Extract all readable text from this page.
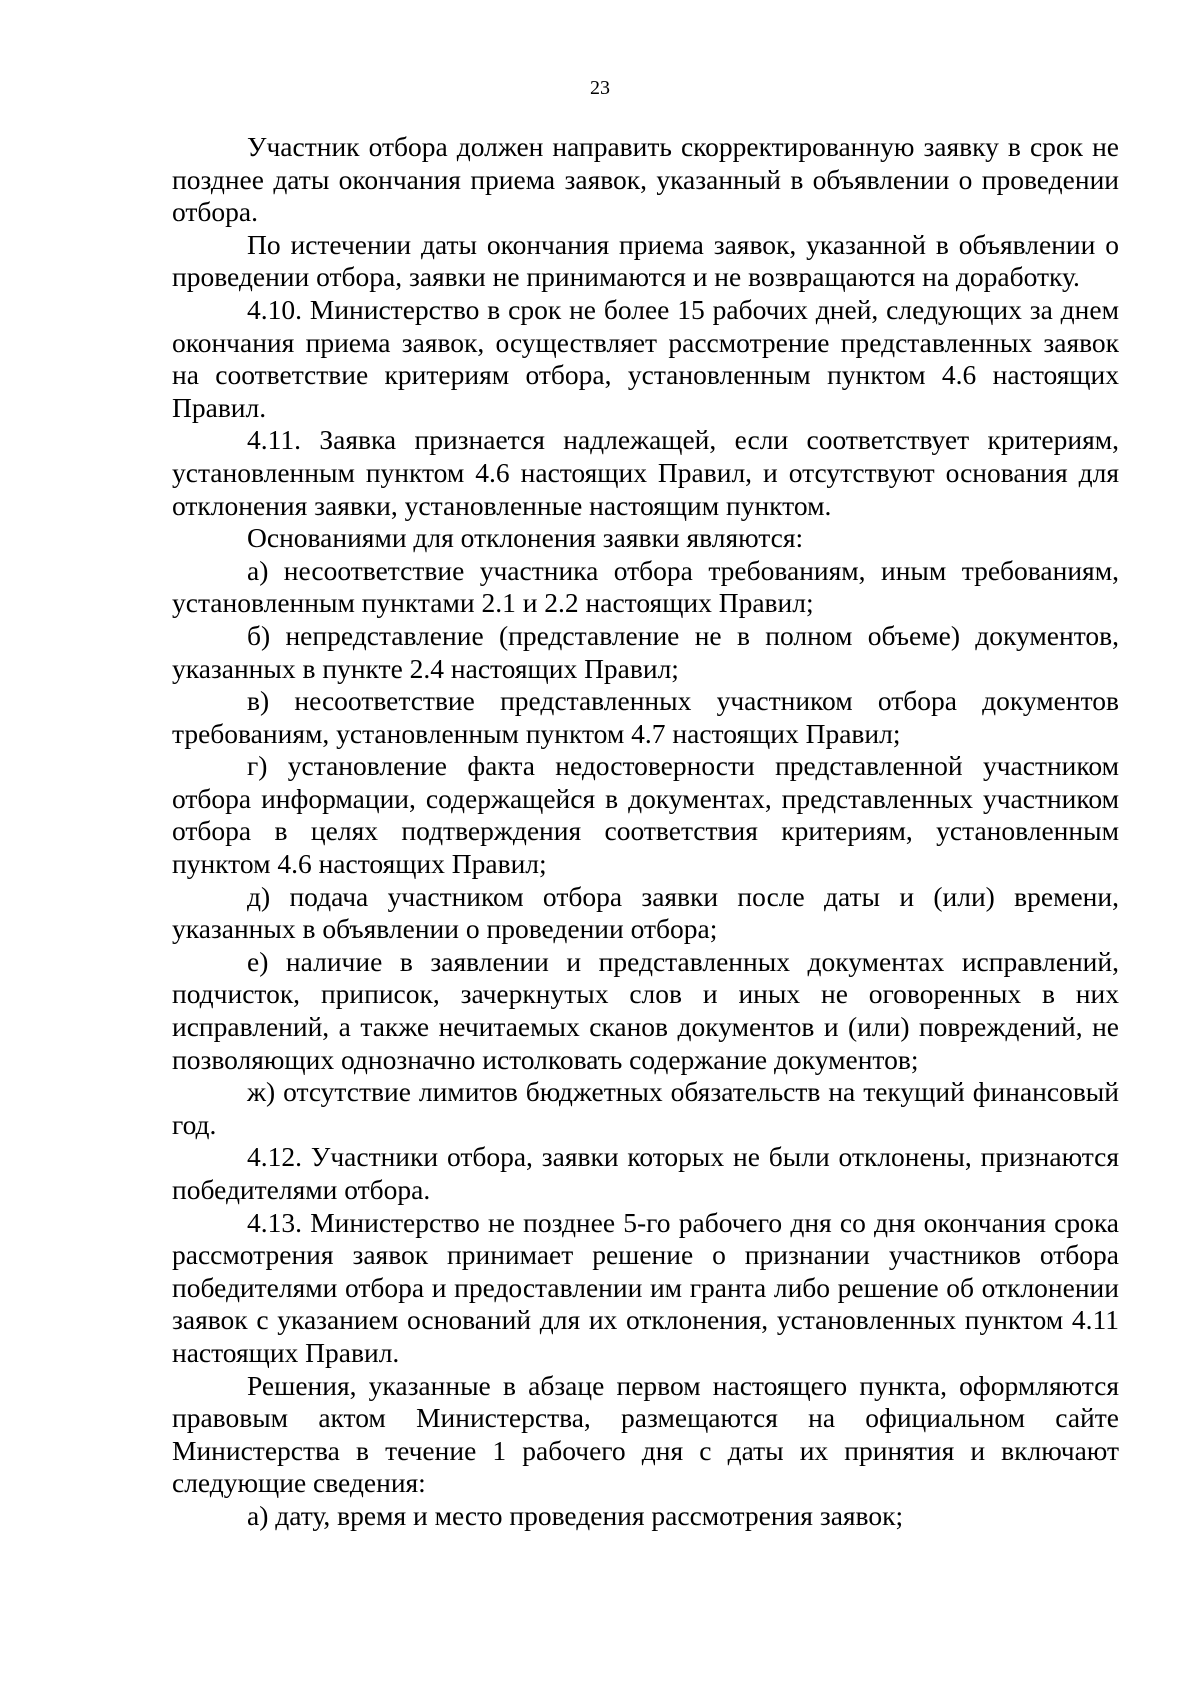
23

Участник отбора должен направить скорректированную заявку в срок не позднее даты окончания приема заявок, указанный в объявлении о проведении отбора.

По истечении даты окончания приема заявок, указанной в объявлении о проведении отбора, заявки не принимаются и не возвращаются на доработку.

4.10. Министерство в срок не более 15 рабочих дней, следующих за днем окончания приема заявок, осуществляет рассмотрение представленных заявок на соответствие критериям отбора, установленным пунктом 4.6 настоящих Правил.

4.11. Заявка признается надлежащей, если соответствует критериям, установленным пунктом 4.6 настоящих Правил, и отсутствуют основания для отклонения заявки, установленные настоящим пунктом.

Основаниями для отклонения заявки являются:

а) несоответствие участника отбора требованиям, иным требованиям, установленным пунктами 2.1 и 2.2 настоящих Правил;

б) непредставление (представление не в полном объеме) документов, указанных в пункте 2.4 настоящих Правил;

в) несоответствие представленных участником отбора документов требованиям, установленным пунктом 4.7 настоящих Правил;

г) установление факта недостоверности представленной участником отбора информации, содержащейся в документах, представленных участником отбора в целях подтверждения соответствия критериям, установленным пунктом 4.6 настоящих Правил;

д) подача участником отбора заявки после даты и (или) времени, указанных в объявлении о проведении отбора;

е) наличие в заявлении и представленных документах исправлений, подчисток, приписок, зачеркнутых слов и иных не оговоренных в них исправлений, а также нечитаемых сканов документов и (или) повреждений, не позволяющих однозначно истолковать содержание документов;

ж) отсутствие лимитов бюджетных обязательств на текущий финансовый год.

4.12. Участники отбора, заявки которых не были отклонены, признаются победителями отбора.

4.13. Министерство не позднее 5-го рабочего дня со дня окончания срока рассмотрения заявок принимает решение о признании участников отбора победителями отбора и предоставлении им гранта либо решение об отклонении заявок с указанием оснований для их отклонения, установленных пунктом 4.11 настоящих Правил.

Решения, указанные в абзаце первом настоящего пункта, оформляются правовым актом Министерства, размещаются на официальном сайте Министерства в течение 1 рабочего дня с даты их принятия и включают следующие сведения:

а) дату, время и место проведения рассмотрения заявок;
